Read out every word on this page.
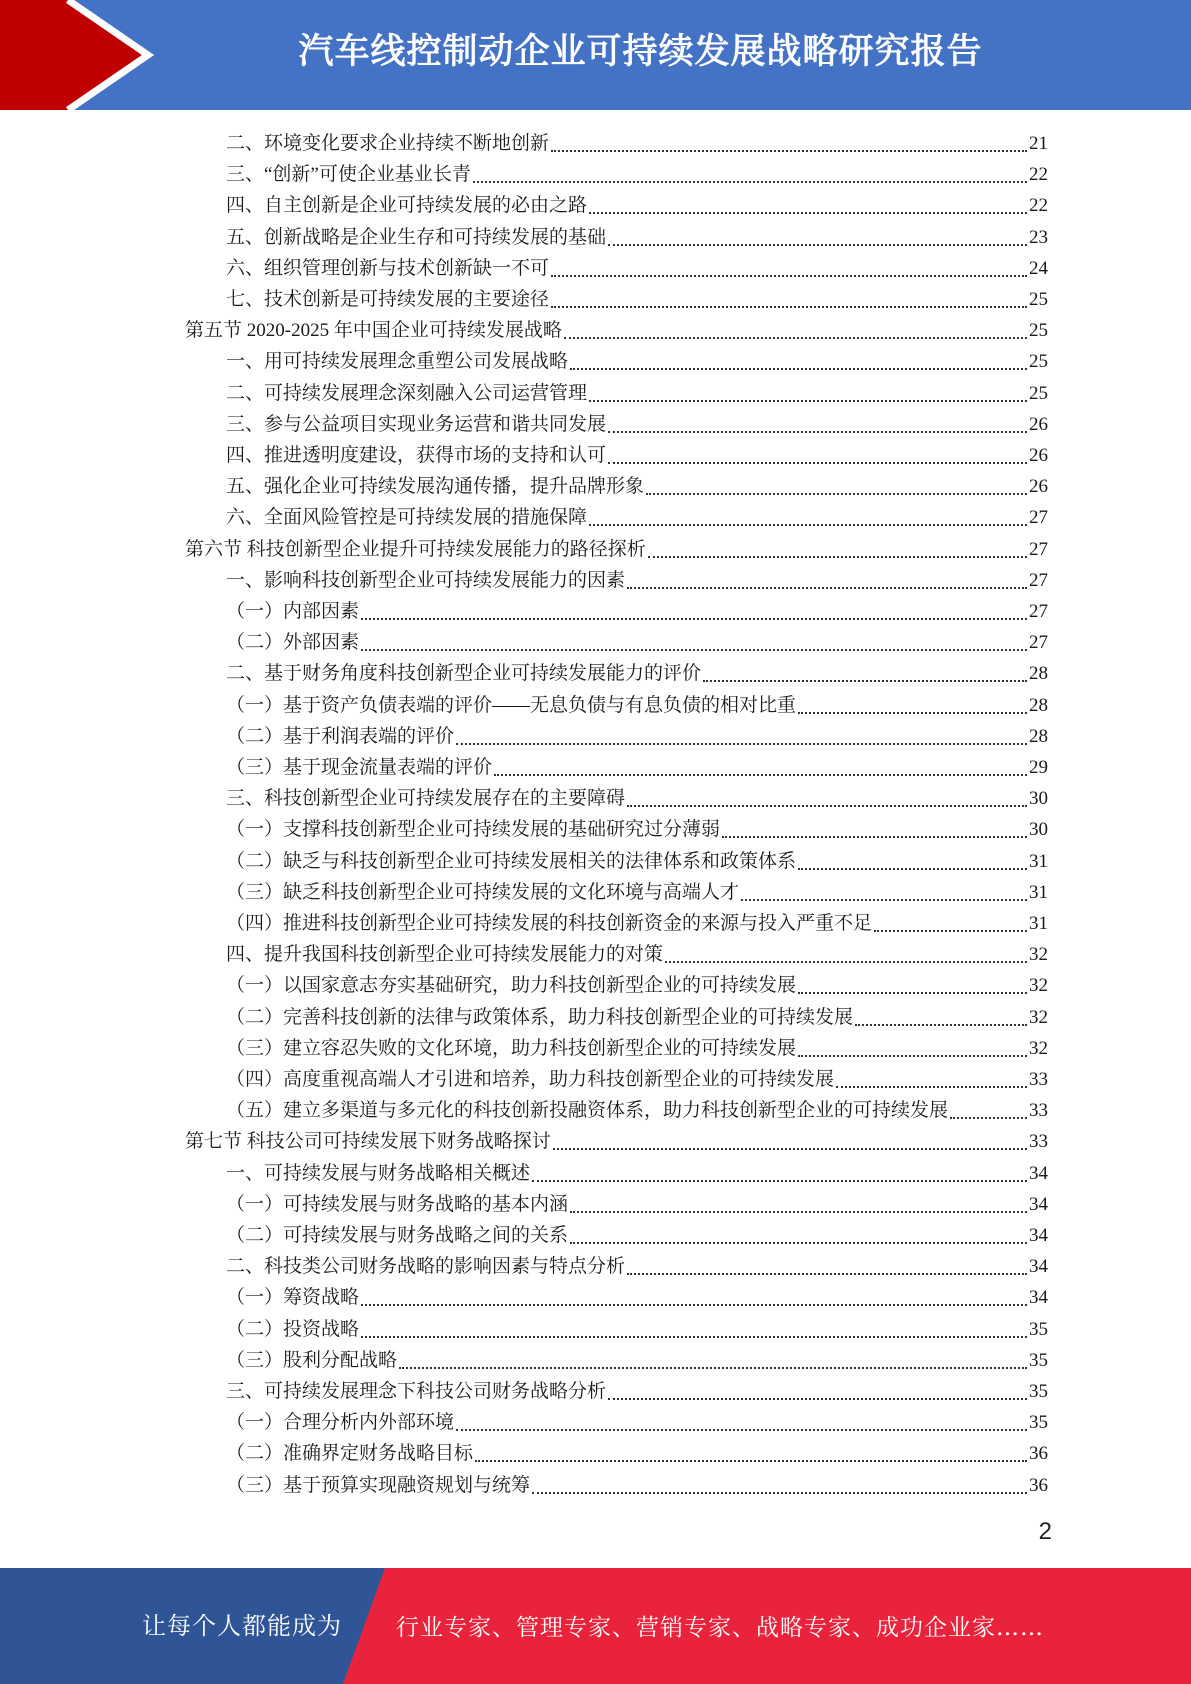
汽车线控制动企业可持续发展战略研究报告
二、环境变化要求企业持续不断地创新	21
三、“创新”可使企业基业长青	22
四、自主创新是企业可持续发展的必由之路	22
五、创新战略是企业生存和可持续发展的基础	23
六、组织管理创新与技术创新缺一不可	24
七、技术创新是可持续发展的主要途径	25
第五节 2020-2025 年中国企业可持续发展战略	25
一、用可持续发展理念重塑公司发展战略	25
二、可持续发展理念深刻融入公司运营管理	25
三、参与公益项目实现业务运营和谐共同发展	26
四、推进透明度建设，获得市场的支持和认可	26
五、强化企业可持续发展沟通传播，提升品牌形象	26
六、全面风险管控是可持续发展的措施保障	27
第六节 科技创新型企业提升可持续发展能力的路径探析	27
一、影响科技创新型企业可持续发展能力的因素	27
（一）内部因素	27
（二）外部因素	27
二、基于财务角度科技创新型企业可持续发展能力的评价	28
（一）基于资产负债表端的评价——无息负债与有息负债的相对比重	28
（二）基于利润表端的评价	28
（三）基于现金流量表端的评价	29
三、科技创新型企业可持续发展存在的主要障碍	30
（一）支撑科技创新型企业可持续发展的基础研究过分薄弱	30
（二）缺乏与科技创新型企业可持续发展相关的法律体系和政策体系	31
（三）缺乏科技创新型企业可持续发展的文化环境与高端人才	31
（四）推进科技创新型企业可持续发展的科技创新资金的来源与投入严重不足	31
四、提升我国科技创新型企业可持续发展能力的对策	32
（一）以国家意志夯实基础研究，助力科技创新型企业的可持续发展	32
（二）完善科技创新的法律与政策体系，助力科技创新型企业的可持续发展	32
（三）建立容忍失败的文化环境，助力科技创新型企业的可持续发展	32
（四）高度重视高端人才引进和培养，助力科技创新型企业的可持续发展	33
（五）建立多渠道与多元化的科技创新投融资体系，助力科技创新型企业的可持续发展	33
第七节 科技公司可持续发展下财务战略探讨	33
一、可持续发展与财务战略相关概述	34
（一）可持续发展与财务战略的基本内涵	34
（二）可持续发展与财务战略之间的关系	34
二、科技类公司财务战略的影响因素与特点分析	34
（一）筹资战略	34
（二）投资战略	35
（三）股利分配战略	35
三、可持续发展理念下科技公司财务战略分析	35
（一）合理分析内外部环境	35
（二）准确界定财务战略目标	36
（三）基于预算实现融资规划与统筹	36
2
让每个人都能成为 行业专家、管理专家、营销专家、战略专家、成功企业家……
